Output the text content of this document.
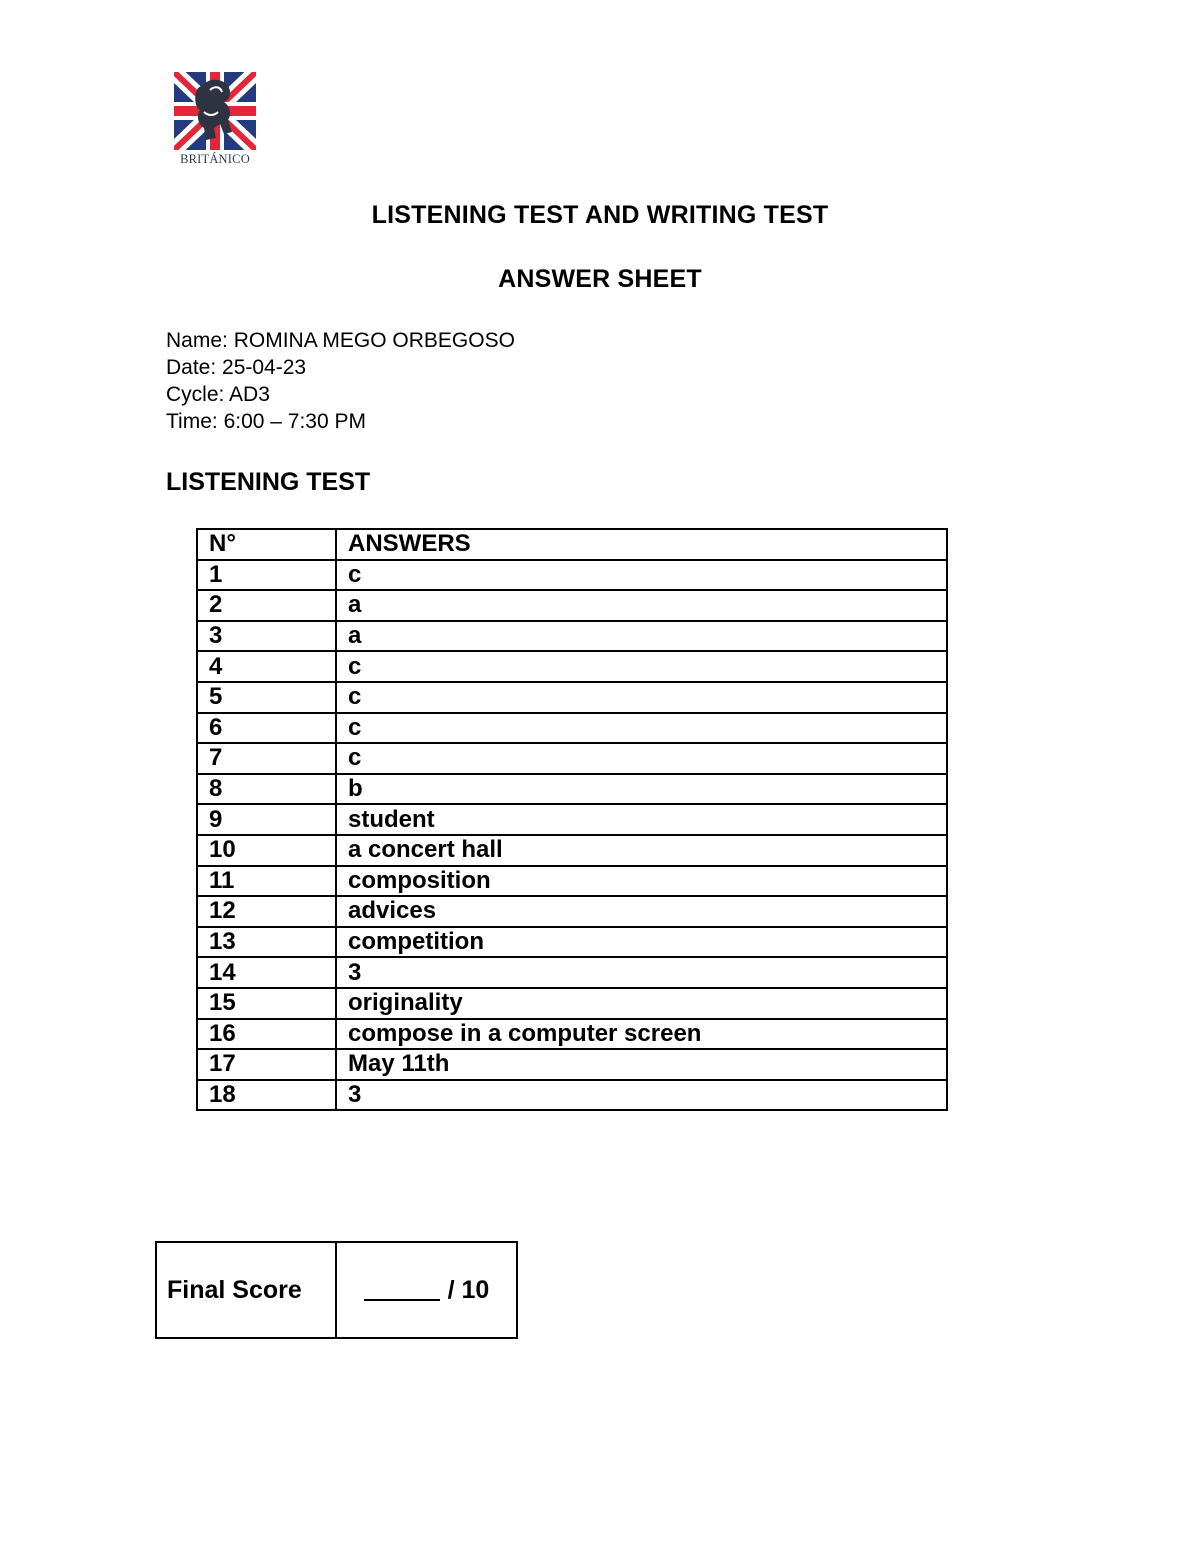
BRITÁNICO
LISTENING TEST AND WRITING TEST
ANSWER SHEET
Name: ROMINA MEGO ORBEGOSO
Date: 25-04-23
Cycle: AD3
Time: 6:00 – 7:30 PM
LISTENING TEST
N°	ANSWERS
1	c
2	a
3	a
4	c
5	c
6	c
7	c
8	b
9	student
10	a concert hall
11	composition
12	advices
13	competition
14	3
15	originality
16	compose in a computer screen
17	May 11th
18	3
Final Score	/ 10
